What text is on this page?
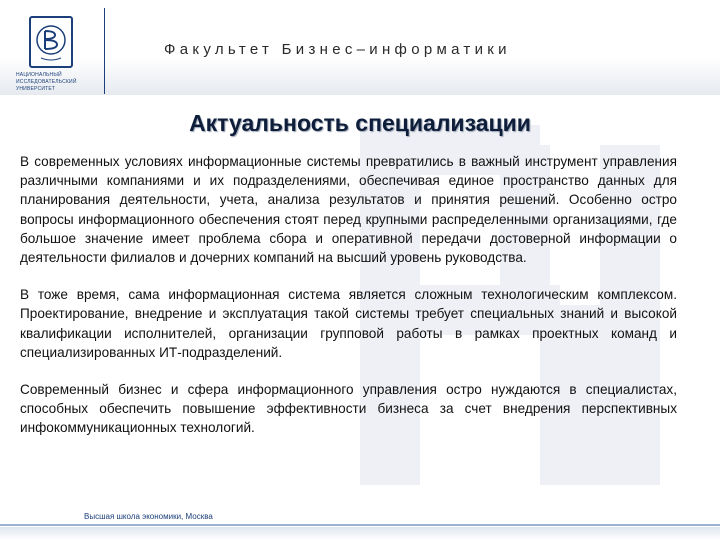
НАЦИОНАЛЬНЫЙ ИССЛЕДОВАТЕЛЬСКИЙ УНИВЕРСИТЕТ
Факультет Бизнес–информатики
Актуальность специализации

В современных условиях информационные системы превратились в важный инструмент управления различными компаниями и их подразделениями, обеспечивая единое пространство данных для планирования деятельности, учета, анализа результатов и принятия решений. Особенно остро вопросы информационного обеспечения стоят перед крупными распределенными организациями, где большое значение имеет проблема сбора и оперативной передачи достоверной информации о деятельности филиалов и дочерних компаний на высший уровень руководства.

В тоже время, сама информационная система является сложным технологическим комплексом. Проектирование, внедрение и эксплуатация такой системы требует специальных знаний и высокой квалификации исполнителей, организации групповой работы в рамках проектных команд и специализированных ИТ-подразделений.

Современный бизнес и сфера информационного управления остро нуждаются в специалистах, способных обеспечить повышение эффективности бизнеса за счет внедрения перспективных инфокоммуникационных технологий.

Высшая школа экономики, Москва
